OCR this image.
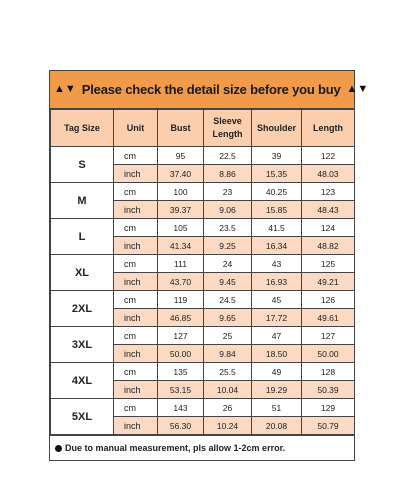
▲▼ Please check the detail size before you buy ▲▼
Tag Size	Unit	Bust	Sleeve Length	Shoulder	Length
S	cm	95	22.5	39	122
	inch	37.40	8.86	15.35	48.03
M	cm	100	23	40.25	123
	inch	39.37	9.06	15.85	48.43
L	cm	105	23.5	41.5	124
	inch	41.34	9.25	16.34	48.82
XL	cm	111	24	43	125
	inch	43.70	9.45	16.93	49.21
2XL	cm	119	24.5	45	126
	inch	46.85	9.65	17.72	49.61
3XL	cm	127	25	47	127
	inch	50.00	9.84	18.50	50.00
4XL	cm	135	25.5	49	128
	inch	53.15	10.04	19.29	50.39
5XL	cm	143	26	51	129
	inch	56.30	10.24	20.08	50.79
Due to manual measurement, pls allow 1-2cm error.
